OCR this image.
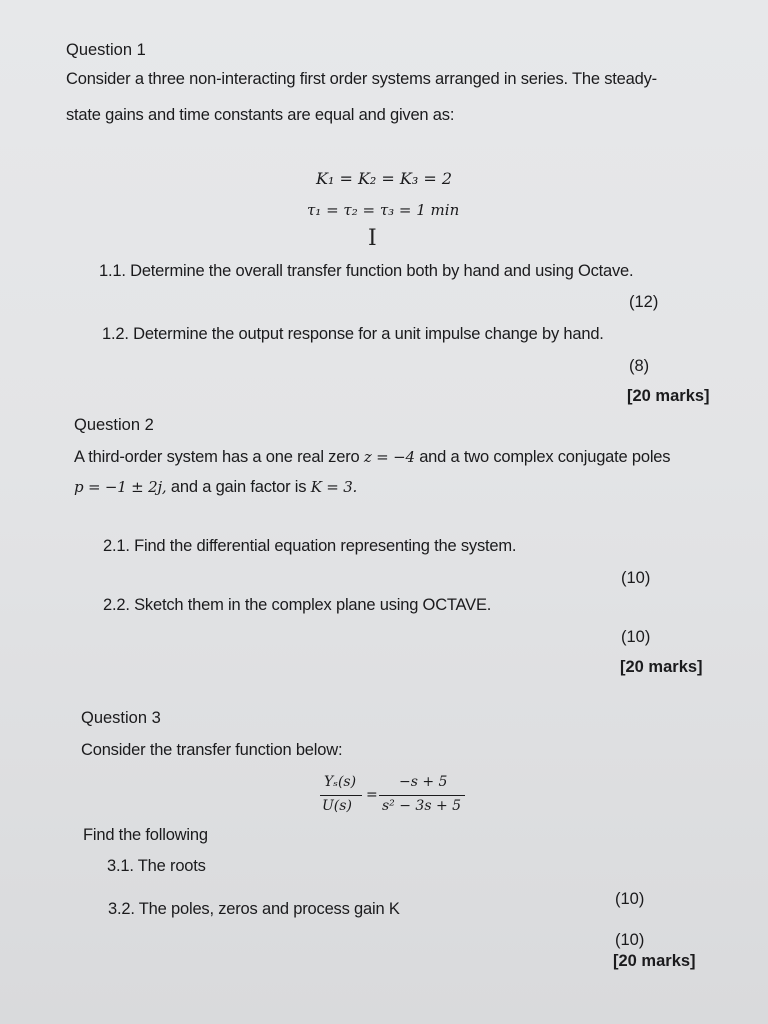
Question 1
Consider a three non-interacting first order systems arranged in series. The steady-
state gains and time constants are equal and given as:
K₁ = K₂ = K₃ = 2
τ₁ = τ₂ = τ₃ = 1 min
I
1.1. Determine the overall transfer function both by hand and using Octave.
(12)
1.2. Determine the output response for a unit impulse change by hand.
(8)
[20 marks]
Question 2
A third-order system has a one real zero z = −4 and a two complex conjugate poles
p = −1 ± 2j, and a gain factor is K = 3.
2.1. Find the differential equation representing the system.
(10)
2.2. Sketch them in the complex plane using OCTAVE.
(10)
[20 marks]
Question 3
Consider the transfer function below:
Yₛ(s)
U(s)
=
−s + 5
s² − 3s + 5
Find the following
3.1. The roots
(10)
3.2. The poles, zeros and process gain K
(10)
[20 marks]
